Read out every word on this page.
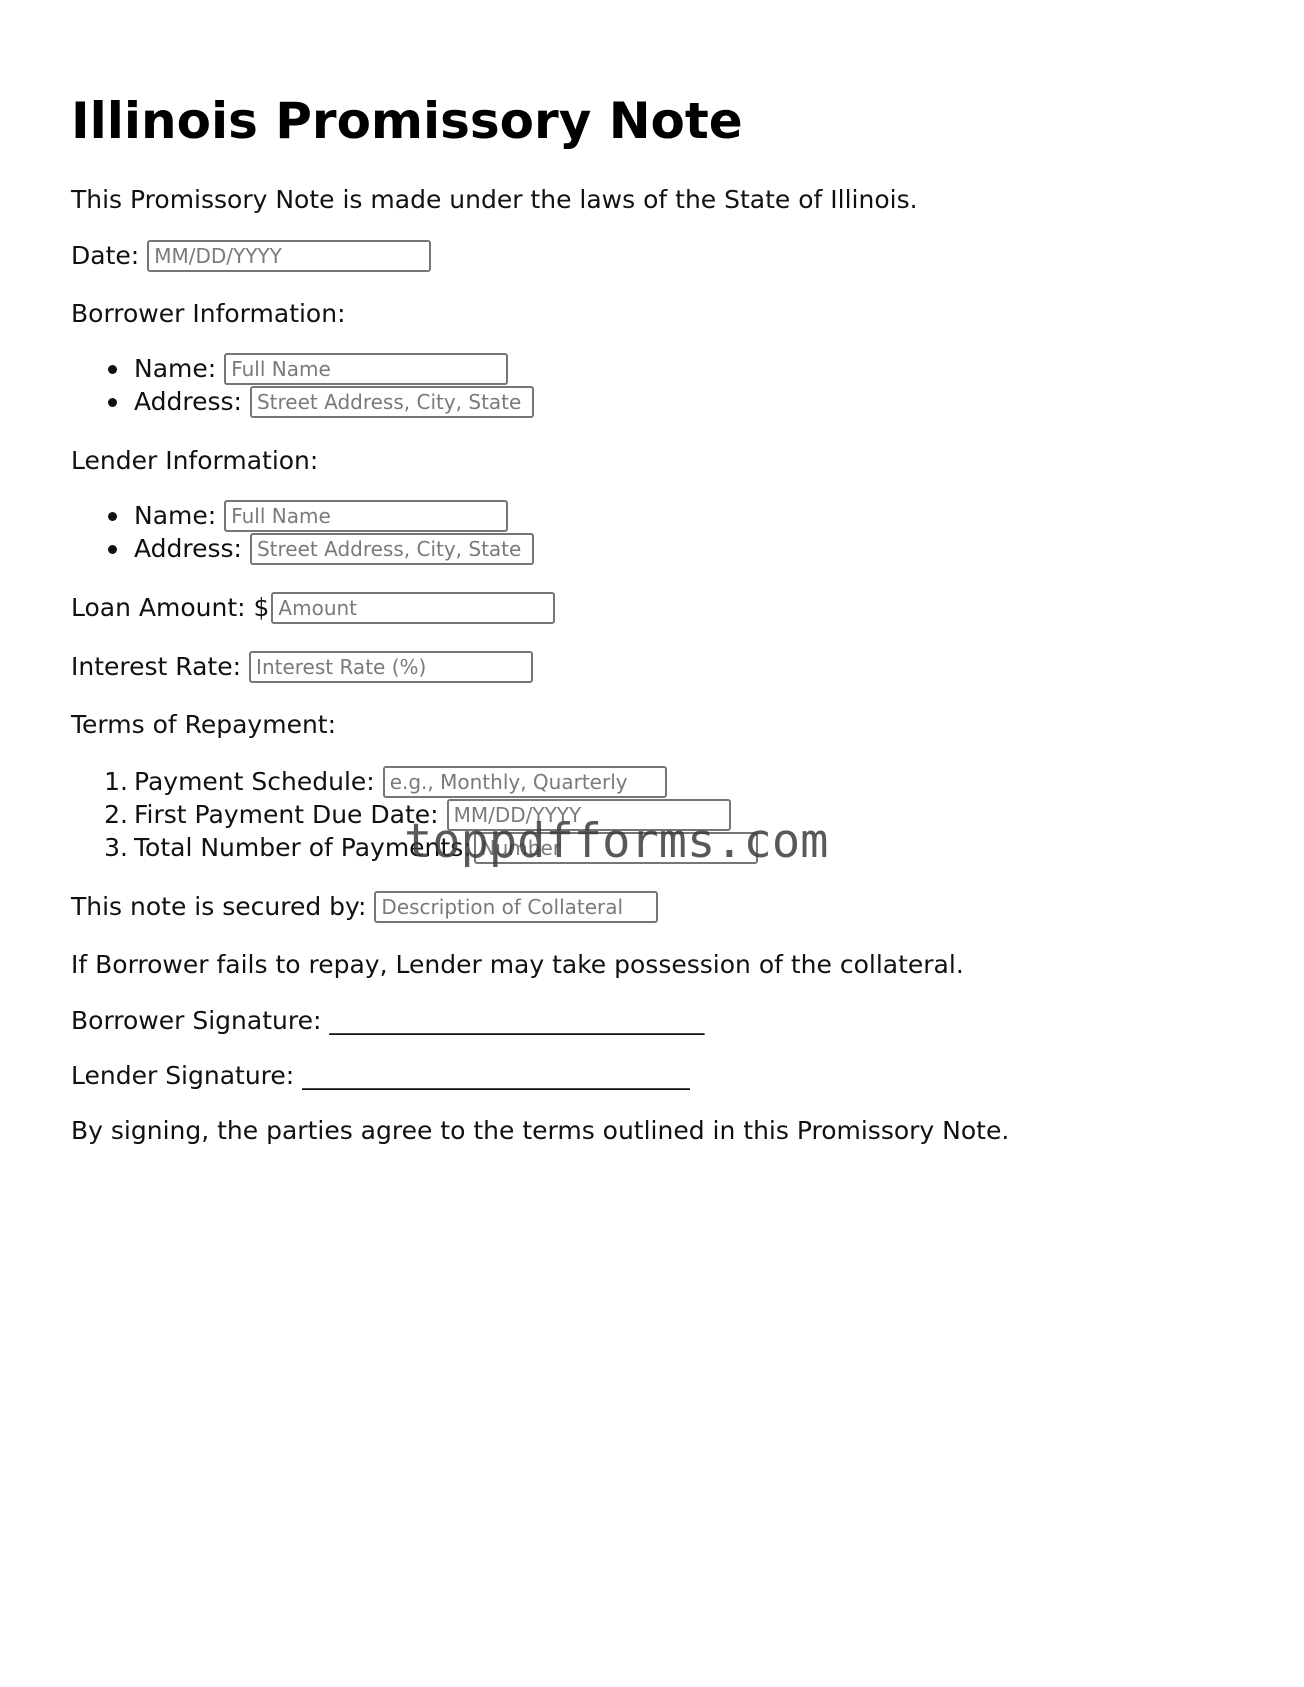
Illinois Promissory Note
This Promissory Note is made under the laws of the State of Illinois.
Date:
MM/DD/YYYY
Borrower Information:
Name:
Full Name
Address:
Street Address, City, State
Lender Information:
Name:
Full Name
Address:
Street Address, City, State
Loan Amount: $
Amount
Interest Rate:
Interest Rate (%)
Terms of Repayment:
1. Payment Schedule:
e.g., Monthly, Quarterly
2. First Payment Due Date:
MM/DD/YYYY
3. Total Number of Payments:
Number
This note is secured by:
Description of Collateral
If Borrower fails to repay, Lender may take possession of the collateral.
Borrower Signature: ______________________________
Lender Signature: _______________________________
By signing, the parties agree to the terms outlined in this Promissory Note.
toppdfforms.com
